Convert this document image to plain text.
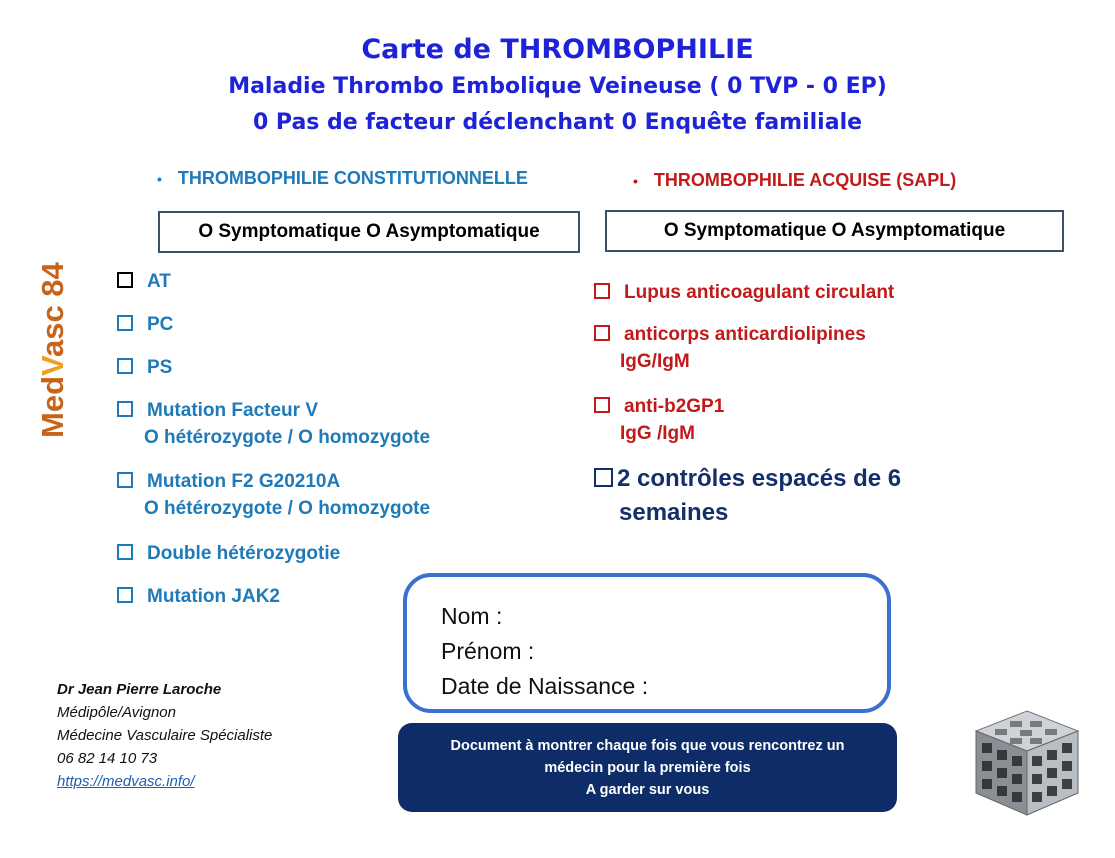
Carte de THROMBOPHILIE
Maladie Thrombo Embolique Veineuse ( 0 TVP - 0 EP)
0 Pas de facteur déclenchant 0 Enquête familiale
MedVasc 84
• THROMBOPHILIE CONSTITUTIONNELLE	• THROMBOPHILIE ACQUISE (SAPL)
O Symptomatique O Asymptomatique	O Symptomatique O Asymptomatique
AT
PC
PS
Mutation Facteur V
O hétérozygote / O homozygote
Mutation F2 G20210A
O hétérozygote / O homozygote
Double hétérozygotie
Mutation JAK2
Lupus anticoagulant circulant
anticorps anticardiolipines
IgG/IgM
anti-b2GP1
IgG /IgM
2 contrôles espacés de 6
semaines
Nom :
Prénom :
Date de Naissance :
Document à montrer chaque fois que vous rencontrez un
médecin pour la première fois
A garder sur vous
Dr Jean Pierre Laroche
Médipôle/Avignon
Médecine Vasculaire Spécialiste
06 82 14 10 73
https://medvasc.info/
